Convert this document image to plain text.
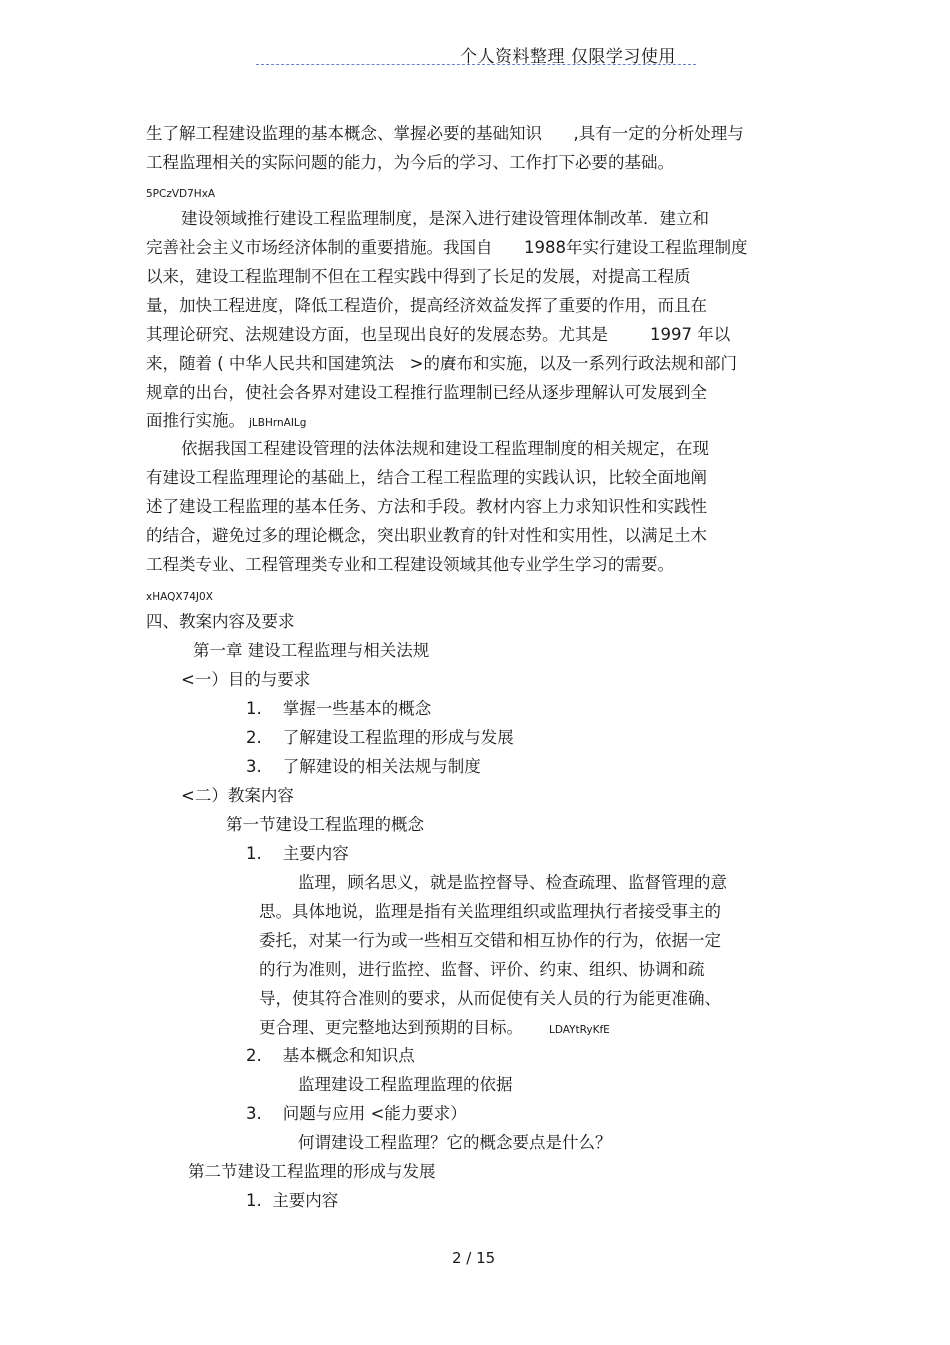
个人资料整理 仅限学习使用
生了解工程建设监理的基本概念、掌握必要的基础知识      ,具有一定的分析处理与
工程监理相关的实际问题的能力，为今后的学习、工作打下必要的基础。
5PCzVD7HxA
建设领域推行建设工程监理制度，是深入进行建设管理体制改革．建立和
完善社会主义市场经济体制的重要措施。我国自      1988年实行建设工程监理制度
以来，建设工程监理制不但在工程实践中得到了长足的发展，对提高工程质
量，加快工程进度，降低工程造价，提高经济效益发挥了重要的作用，而且在
其理论研究、法规建设方面，也呈现出良好的发展态势。尤其是        1997 年以
来，随着 ( 中华人民共和国建筑法   >的賡布和实施，以及一系列行政法规和部门
规章的出台，使社会各界对建设工程推行监理制已经从逐步理解认可发展到全
面推行实施。 jLBHrnAILg
依据我国工程建设管理的法体法规和建设工程监理制度的相关规定，在现
有建设工程监理理论的基础上，结合工程工程监理的实践认识，比较全面地阐
述了建设工程监理的基本任务、方法和手段。教材内容上力求知识性和实践性
的结合，避免过多的理论概念，突出职业教育的针对性和实用性，以满足土木
工程类专业、工程管理类专业和工程建设领域其他专业学生学习的需要。
xHAQX74J0X
四、教案内容及要求
第一章 建设工程监理与相关法规
<一）目的与要求
1.    掌握一些基本的概念
2.    了解建设工程监理的形成与发展
3.    了解建设的相关法规与制度
<二）教案内容
第一节建设工程监理的概念
1.    主要内容
监理，顾名思义，就是监控督导、检查疏理、监督管理的意
思。具体地说，监理是指有关监理组织或监理执行者接受事主的
委托，对某一行为或一些相互交错和相互协作的行为，依据一定
的行为准则，进行监控、监督、评价、约束、组织、协调和疏
导，使其符合准则的要求，从而促使有关人员的行为能更准确、
更合理、更完整地达到预期的目标。 LDAYtRyKfE
2.    基本概念和知识点
监理建设工程监理监理的依据
3.    问题与应用 <能力要求）
何谓建设工程监理？它的概念要点是什么？
第二节建设工程监理的形成与发展
1.  主要内容
2 / 15
